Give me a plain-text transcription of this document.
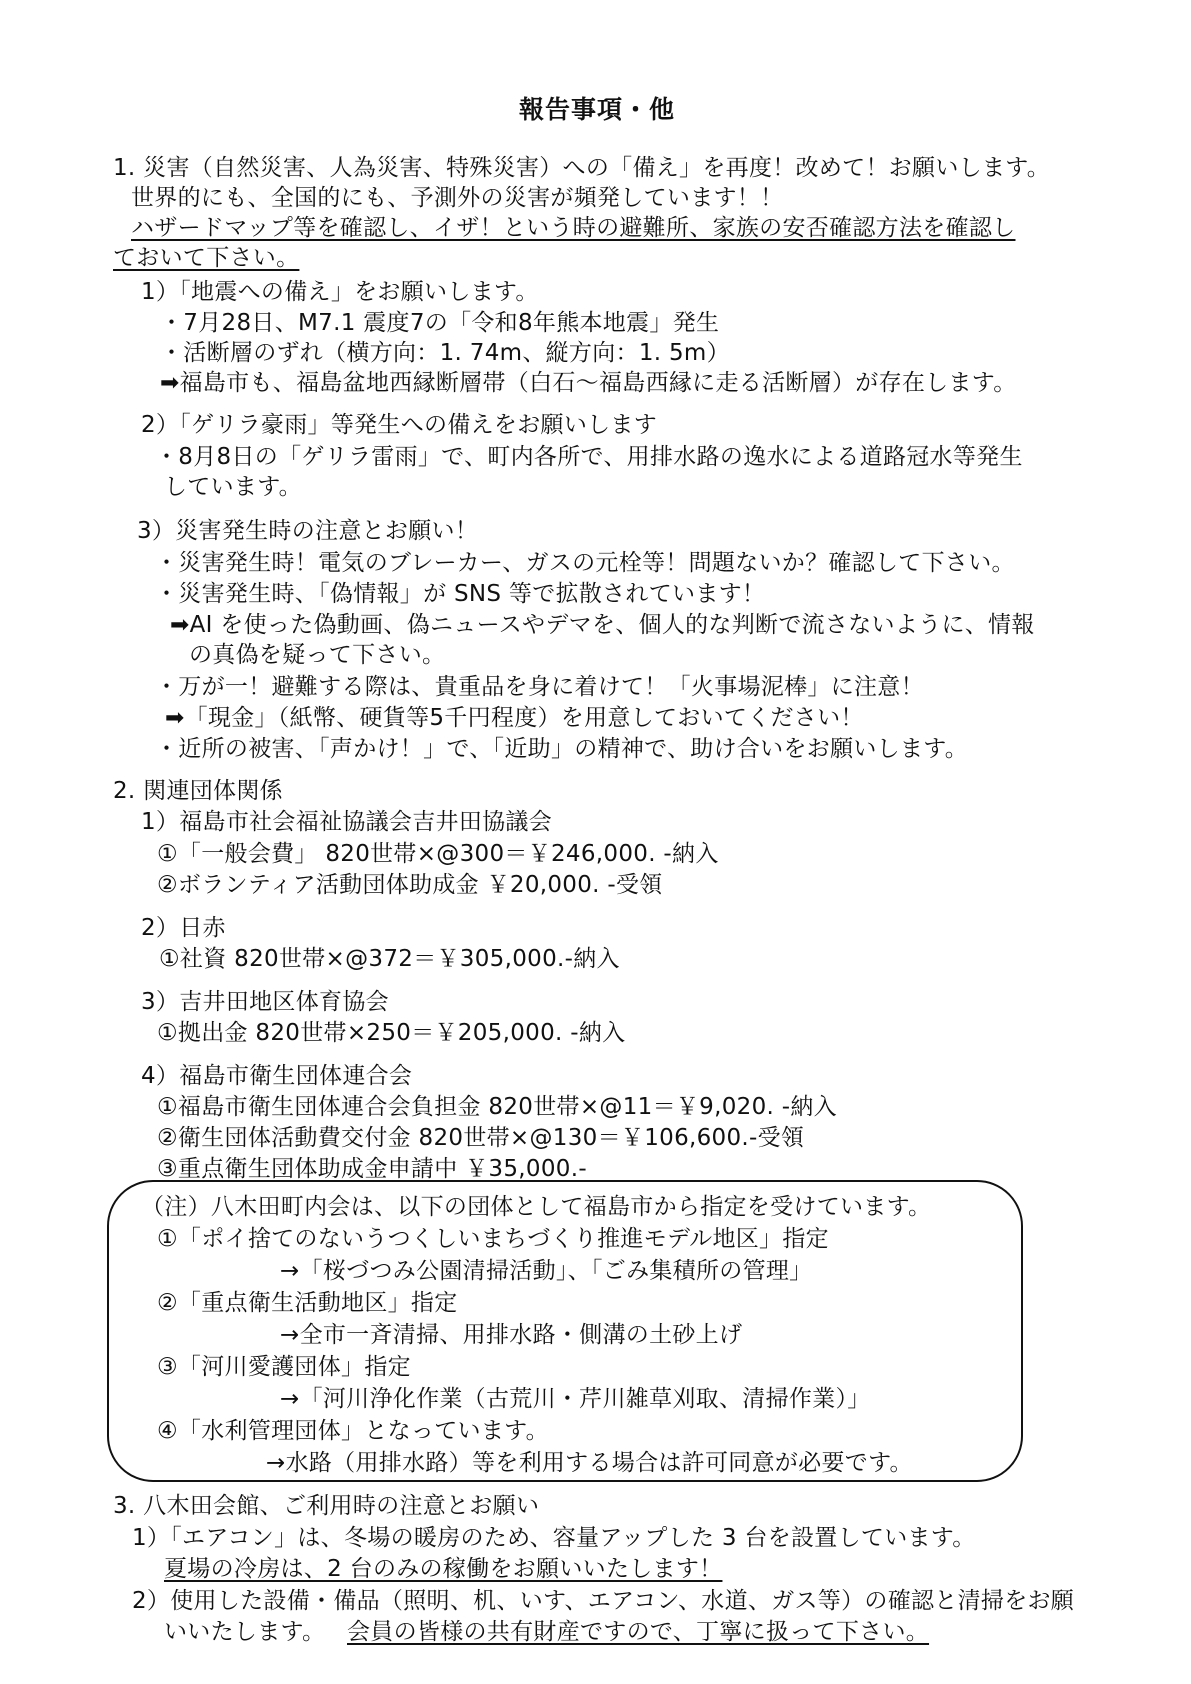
報告事項・他
1. 災害（自然災害、人為災害、特殊災害）への「備え」を再度！改めて！お願いします。
世界的にも、全国的にも、予測外の災害が頻発しています！！
ハザードマップ等を確認し、イザ！という時の避難所、家族の安否確認方法を確認し
ておいて下さい。
1）「地震への備え」をお願いします。
・7月28日、M7.1 震度7の「令和8年熊本地震」発生
・活断層のずれ（横方向：1. 74m、縦方向：1. 5m）
➡福島市も、福島盆地西縁断層帯（白石～福島西縁に走る活断層）が存在します。
2）「ゲリラ豪雨」等発生への備えをお願いします
・8月8日の「ゲリラ雷雨」で、町内各所で、用排水路の逸水による道路冠水等発生
しています。
3）災害発生時の注意とお願い！
・災害発生時！電気のブレーカー、ガスの元栓等！問題ないか？確認して下さい。
・災害発生時、「偽情報」が SNS 等で拡散されています！
➡AI を使った偽動画、偽ニュースやデマを、個人的な判断で流さないように、情報
の真偽を疑って下さい。
・万が一！避難する際は、貴重品を身に着けて！「火事場泥棒」に注意！
➡「現金」（紙幣、硬貨等5千円程度）を用意しておいてください！
・近所の被害、「声かけ！」で、「近助」の精神で、助け合いをお願いします。
2. 関連団体関係
1）福島市社会福祉協議会吉井田協議会
①「一般会費」 820世帯×@300＝￥246,000. -納入
②ボランティア活動団体助成金 ￥20,000. -受領
2）日赤
①社資 820世帯×@372＝￥305,000.-納入
3）吉井田地区体育協会
①拠出金 820世帯×250＝￥205,000. -納入
4）福島市衛生団体連合会
①福島市衛生団体連合会負担金 820世帯×@11＝￥9,020. -納入
②衛生団体活動費交付金 820世帯×@130＝￥106,600.-受領
③重点衛生団体助成金申請中 ￥35,000.-
（注）八木田町内会は、以下の団体として福島市から指定を受けています。
①「ポイ捨てのないうつくしいまちづくり推進モデル地区」指定
→「桜づつみ公園清掃活動」、「ごみ集積所の管理」
②「重点衛生活動地区」指定
→全市一斉清掃、用排水路・側溝の土砂上げ
③「河川愛護団体」指定
→「河川浄化作業（古荒川・芹川雑草刈取、清掃作業）」
④「水利管理団体」となっています。
→水路（用排水路）等を利用する場合は許可同意が必要です。
3. 八木田会館、ご利用時の注意とお願い
1）「エアコン」は、冬場の暖房のため、容量アップした 3 台を設置しています。
夏場の冷房は、2 台のみの稼働をお願いいたします！
2）使用した設備・備品（照明、机、いす、エアコン、水道、ガス等）の確認と清掃をお願
いいたします。 会員の皆様の共有財産ですので、丁寧に扱って下さい。
